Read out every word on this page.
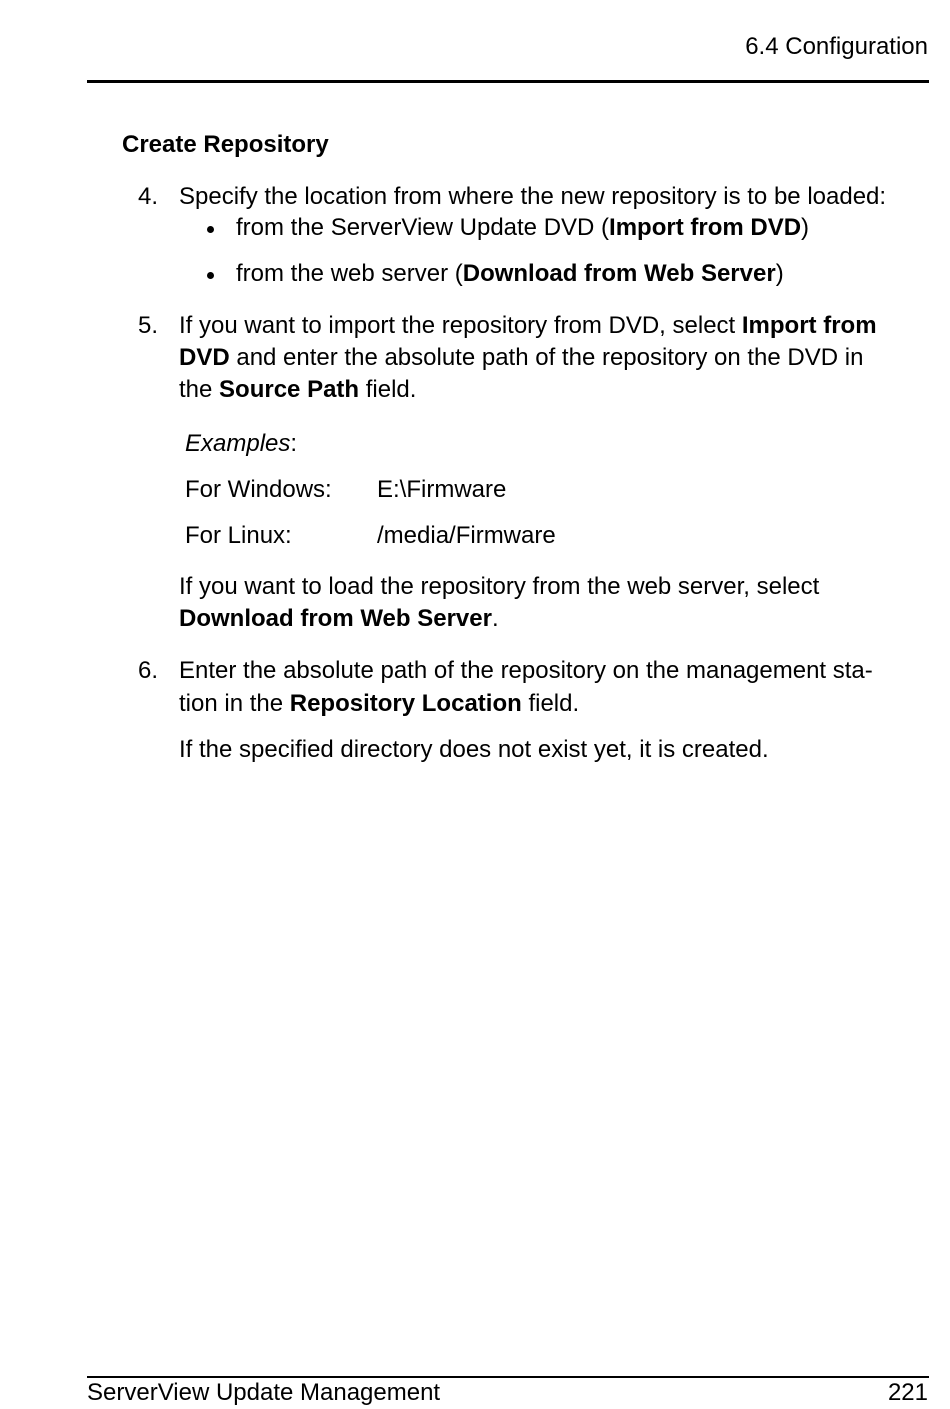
6.4 Configuration
Create Repository
4. Specify the location from where the new repository is to be loaded:
from the ServerView Update DVD (Import from DVD)
from the web server (Download from Web Server)
5. If you want to import the repository from DVD, select Import from
DVD and enter the absolute path of the repository on the DVD in
the Source Path field.
Examples:
For Windows: E:\Firmware
For Linux:	/media/Firmware
If you want to load the repository from the web server, select
Download from Web Server.
6. Enter the absolute path of the repository on the management sta-
tion in the Repository Location field.
If the specified directory does not exist yet, it is created.
ServerView Update Management	221
